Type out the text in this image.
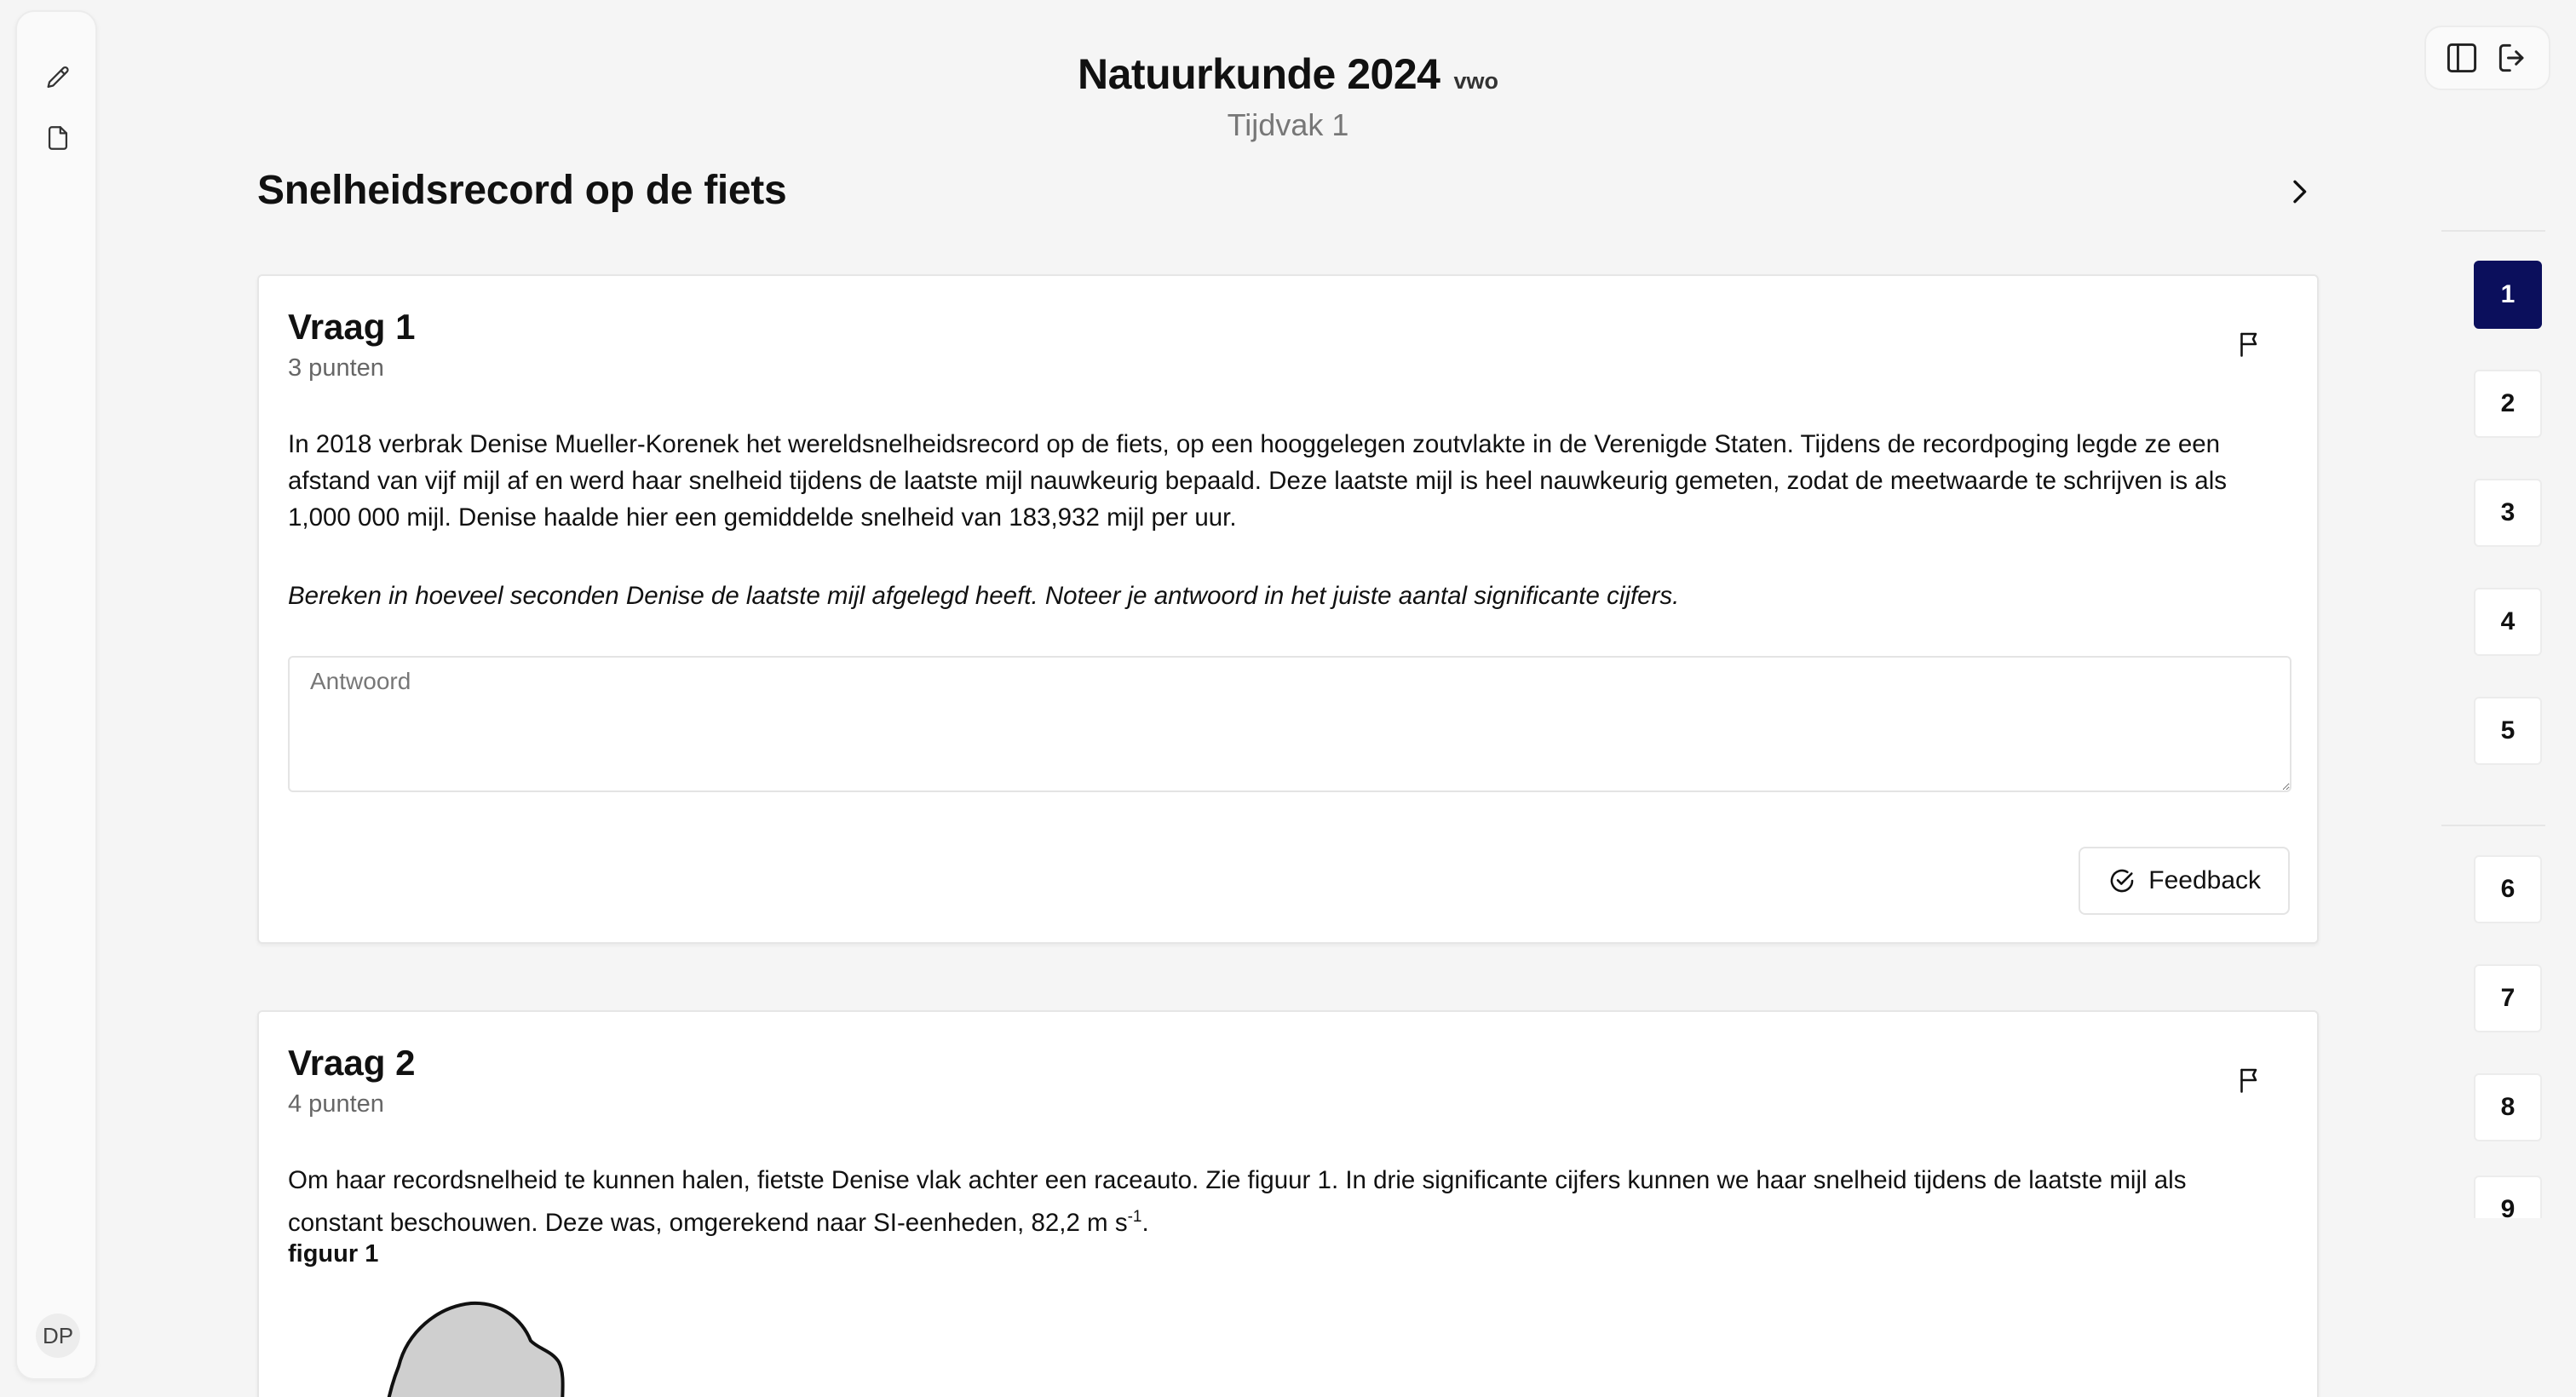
DP
Natuurkunde 2024 vwo
Tijdvak 1
Snelheidsrecord op de fiets
Vraag 1
3 punten
In 2018 verbrak Denise Mueller-Korenek het wereldsnelheidsrecord op de fiets, op een hooggelegen zoutvlakte in de Verenigde Staten. Tijdens de recordpoging legde ze een afstand van vijf mijl af en werd haar snelheid tijdens de laatste mijl nauwkeurig bepaald. Deze laatste mijl is heel nauwkeurig gemeten, zodat de meetwaarde te schrijven is als 1,000 000 mijl. Denise haalde hier een gemiddelde snelheid van 183,932 mijl per uur.
Bereken in hoeveel seconden Denise de laatste mijl afgelegd heeft. Noteer je antwoord in het juiste aantal significante cijfers.
Antwoord
Feedback
Vraag 2
4 punten
Om haar recordsnelheid te kunnen halen, fietste Denise vlak achter een raceauto. Zie figuur 1. In drie significante cijfers kunnen we haar snelheid tijdens de laatste mijl als constant beschouwen. Deze was, omgerekend naar SI-eenheden, 82,2 m $s^{-1}$.
figuur 1
1
2
3
4
5
6
7
8
9
